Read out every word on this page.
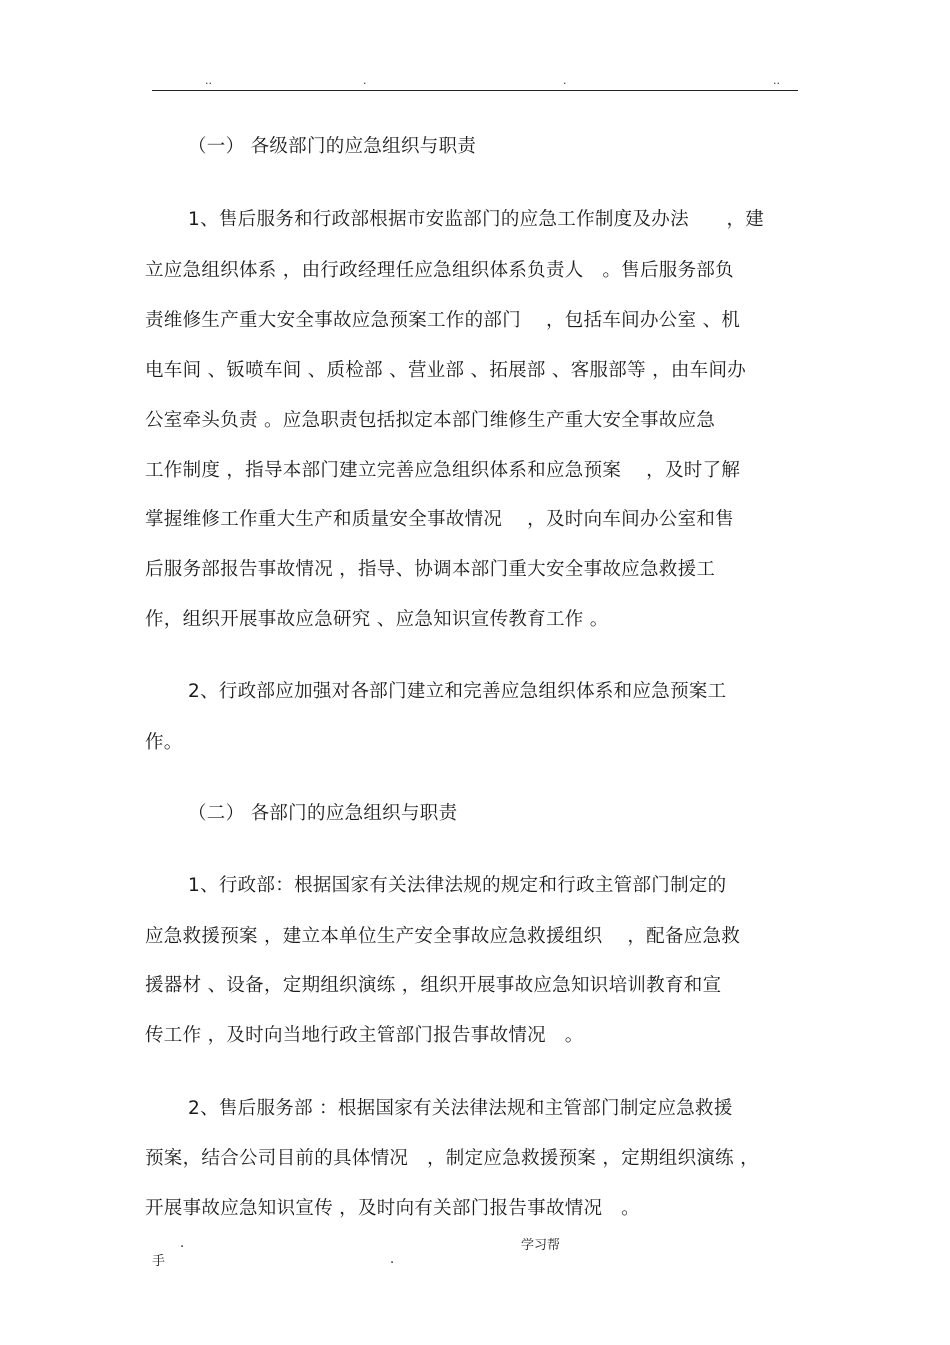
..	.	.	..
（一） 各级部门的应急组织与职责
1、售后服务和行政部根据市安监部门的应急工作制度及办法　　，建
立应急组织体系 ，由行政经理任应急组织体系负责人　。售后服务部负
责维修生产重大安全事故应急预案工作的部门　 ，包括车间办公室 、机
电车间 、钣喷车间 、质检部 、营业部 、拓展部 、客服部等 ，由车间办
公室牵头负责 。应急职责包括拟定本部门维修生产重大安全事故应急
工作制度 ，指导本部门建立完善应急组织体系和应急预案　 ，及时了解
掌握维修工作重大生产和质量安全事故情况　 ，及时向车间办公室和售
后服务部报告事故情况 ，指导、协调本部门重大安全事故应急救援工
作，组织开展事故应急研究 、应急知识宣传教育工作 。
2、行政部应加强对各部门建立和完善应急组织体系和应急预案工
作。
（二） 各部门的应急组织与职责
1、行政部：根据国家有关法律法规的规定和行政主管部门制定的
应急救援预案 ，建立本单位生产安全事故应急救援组织　 ，配备应急救
援器材 、设备，定期组织演练 ，组织开展事故应急知识培训教育和宣
传工作 ，及时向当地行政主管部门报告事故情况　。
2、售后服务部 ：根据国家有关法律法规和主管部门制定应急救援
预案，结合公司目前的具体情况　，制定应急救援预案 ，定期组织演练 ，
开展事故应急知识宣传 ，及时向有关部门报告事故情况　。
.
手
学习帮
.
